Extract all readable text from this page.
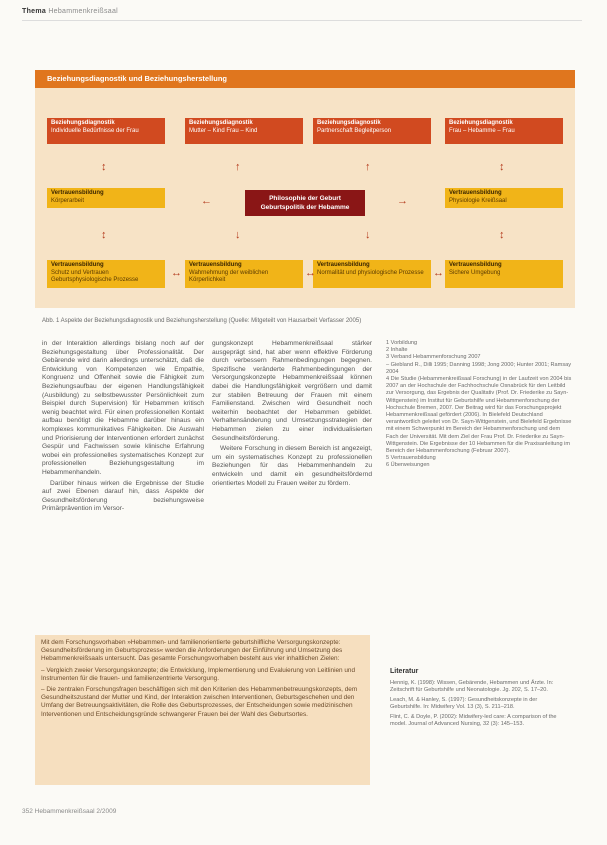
Thema Hebammenkreißsaal
Beziehungsdiagnostik und Beziehungsherstellung
Beziehungsdiagnostik
Individuelle Bedürfnisse der Frau
Beziehungsdiagnostik
Mutter – Kind Frau – Kind
Beziehungsdiagnostik
Partnerschaft Begleitperson
Beziehungsdiagnostik
Frau – Hebamme – Frau
↕	↑	↑	↕
Vertrauensbildung
Körperarbeit	Philosophie der Geburt
Geburtspolitik der Hebamme
Vertrauensbildung
Physiologie Kreißsaal
←	→
↕	↓	↓	↕
Vertrauensbildung
Schutz und Vertrauen
Geburtsphysiologische Prozesse
Vertrauensbildung
Wahrnehmung der weiblichen Körperlichkeit
Vertrauensbildung
Normalität und physiologische Prozesse
Vertrauensbildung
Sichere Umgebung
↔	↔	↔
Abb. 1 Aspekte der Beziehungsdiagnostik und Beziehungsherstellung (Quelle: Mitgeteilt von Hausarbeit Verfasser 2005)

in der Interaktion allerdings bislang noch auf der Beziehungsgestaltung über Professionalität. Der Gebärende wird darin allerdings unterschätzt, daß die Entwicklung von Kompetenzen wie Empathie, Kongruenz und Offenheit sowie die Fähigkeit zum Beziehungsaufbau der eigenen Handlungsfähigkeit (Ausbildung) zu selbstbewusster Persönlichkeit zum Beispiel durch Supervision) für Hebammen kritisch wenig beachtet wird. Für einen professionellen Kontakt aufbau benötigt die Hebamme darüber hinaus ein komplexes kommunikatives Fähigkeiten. Die Auswahl und Priorisierung der Interventionen erfordert zunächst Gespür und Fachwissen sowie klinische Erfahrung wobei ein professionelles systematisches Konzept zur professionellen Beziehungsgestaltung im Hebammenhandeln.

Darüber hinaus wirken die Ergebnisse der Studie auf zwei Ebenen darauf hin, dass Aspekte der Gesundheitsförderung beziehungsweise Primärprävention im Versor-

gungskonzept Hebammenkreißsaal stärker ausgeprägt sind, hat aber wenn effektive Förderung durch verbessern Rahmenbedingungen begegnen. Spezifische veränderte Rahmenbedingungen der Versorgungskonzepte Hebammenkreißsaal können dabei die Handlungsfähigkeit vergrößern und damit zur stabilen Betreuung der Frauen mit einem Familienstand. Zwischen wird Gesundheit noch weiterhin beobachtet der Hebammen gebildet. Verhaltensänderung und Umsetzungsstrategien der Hebammen zielen zu einer individualisierten Gesundheitsförderung.

Weitere Forschung in diesem Bereich ist angezeigt, um ein systematisches Konzept zu professionellen Beziehungen für das Hebammenhandeln zu entwickeln und damit ein gesundheitsfördernd orientiertes Modell zu Frauen weiter zu fördern.

1 Vorbildung

2 Inhalte

3 Verband Hebammenforschung 2007

– Giebland R., Dilli 1995; Danning 1998; Jong 2000; Hunter 2001; Ramsay 2004

4 Die Studie (Hebammenkreißsaal Forschung) in der Laufzeit von 2004 bis 2007 an der Hochschule der Fachhochschule Osnabrück für den Leitbild zur Versorgung, das Ergebnis der Qualitativ (Prof. Dr. Friederike zu Sayn-Wittgenstein) im Institut für Geburtshilfe und Hebammenforschung der Hochschule Bremen, 2007. Der Beitrag wird für das Forschungsprojekt Hebammenkreißsaal gefördert (2006). In Bielefeld Deutschland verantwortlich geleitet von Dr. Sayn-Wittgenstein, und Bielefeld Ergebnisse mit einem Schwerpunkt im Bereich der Hebammenforschung und dem Fach der Universität. Mit dem Ziel der Frau Prof. Dr. Friederike zu Sayn-Wittgenstein. Die Ergebnisse der 10 Hebammen für die Praxisanleitung im Bereich der Hebammenforschung (Februar 2007).

5 Vertrauensbildung

6 Überweisungen

Mit dem Forschungsvorhaben »Hebammen- und familienorientierte geburtshilfliche Versorgungskonzepte: Gesundheitsförderung im Geburtsprozess« werden die Anforderungen der Einführung und Umsetzung des Hebammenkreißsaals untersucht. Das gesamte Forschungsvorhaben besteht aus vier inhaltlichen Zielen:

– Vergleich zweier Versorgungskonzepte; die Entwicklung, Implementierung und Evaluierung von Leitlinien und Instrumenten für die frauen- und familienzentrierte Versorgung.

– Die zentralen Forschungsfragen beschäftigen sich mit den Kriterien des Hebammenbetreuungskonzepts, dem Gesundheitszustand der Mutter und Kind, der Interaktion zwischen Interventionen, Geburtsgeschehen und den Umfang der Betreuungsaktivitäten, die Rolle des Geburtsprozesses, der Entscheidungen sowie medizinischen Interventionen und Entscheidungsgründe schwangerer Frauen bei der Wahl des Geburtsortes.

Literatur

Hennig, K. (1998): Wissen, Gebärende, Hebammen und Ärzte. In: Zeitschrift für Geburtshilfe und Neonatologie. Jg. 202, S. 17–20.

Leach, M. & Hanley, S. (1997): Gesundheitskonzepte in der Geburtshilfe. In: Midwifery Vol. 13 (3), S. 211–218.

Flint, C. & Doyle, P. (2002): Midwifery-led care: A comparison of the model. Journal of Advanced Nursing, 32 (3): 145–153.

352 Hebammenkreißsaal 2/2009
